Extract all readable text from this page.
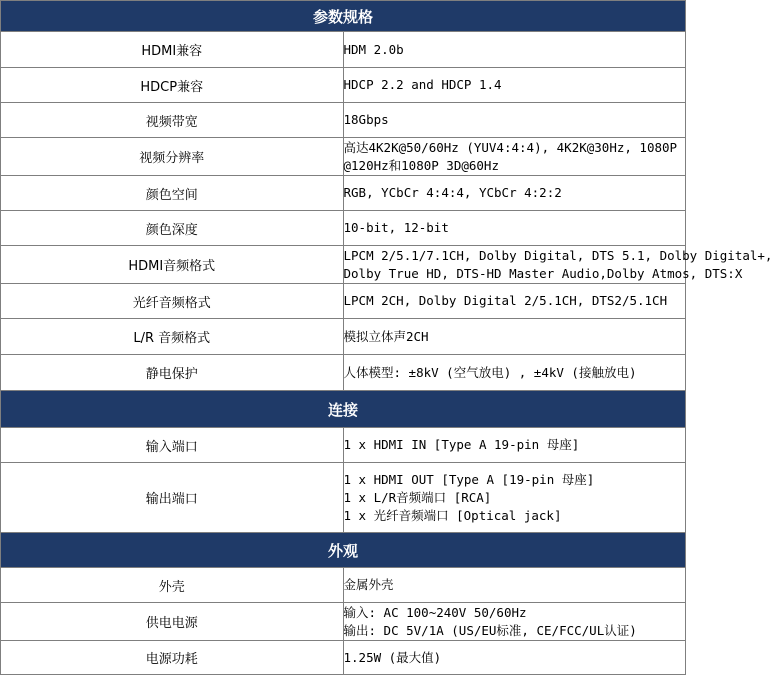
参数规格	
HDMI兼容	HDM 2.0b

HDCP兼容	HDCP 2.2 and HDCP 1.4

视频带宽	18Gbps

视频分辨率	高达4K2K@50/60Hz (YUV4:4:4), 4K2K@30Hz, 1080P
@120Hz和1080P 3D@60Hz

颜色空间	RGB, YCbCr 4:4:4, YCbCr 4:2:2

颜色深度	10-bit, 12-bit

HDMI音频格式	LPCM 2/5.1/7.1CH, Dolby Digital, DTS 5.1, Dolby Digital+,
Dolby True HD, DTS-HD Master Audio,Dolby Atmos, DTS:X

光纤音频格式	LPCM 2CH, Dolby Digital 2/5.1CH, DTS2/5.1CH

L/R 音频格式	模拟立体声2CH

静电保护	人体模型: ±8kV (空气放电) , ±4kV (接触放电)

连接	
输入端口	1 x HDMI IN [Type A 19-pin 母座]

输出端口	1 x HDMI OUT [Type A [19-pin 母座]
1 x L/R音频端口 [RCA]
1 x 光纤音频端口 [Optical jack]

外观	
外壳	金属外壳

供电电源	输入: AC 100~240V 50/60Hz
输出: DC 5V/1A (US/EU标准, CE/FCC/UL认证)

电源功耗	1.25W (最大值)
